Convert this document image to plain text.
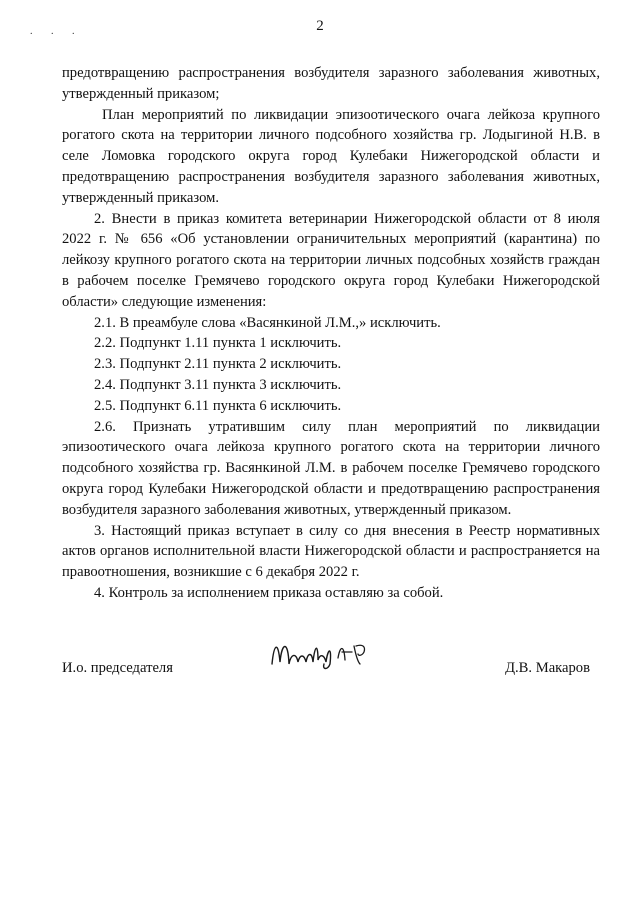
2
. . .

предотвращению распространения возбудителя заразного заболевания животных, утвержденный приказом;

План мероприятий по ликвидации эпизоотического очага лейкоза крупного рогатого скота на территории личного подсобного хозяйства гр. Лодыгиной Н.В. в селе Ломовка городского округа город Кулебаки Нижегородской области и предотвращению распространения возбудителя заразного заболевания животных, утвержденный приказом.

2. Внести в приказ комитета ветеринарии Нижегородской области от 8 июля 2022 г. № 656 «Об установлении ограничительных мероприятий (карантина) по лейкозу крупного рогатого скота на территории личных подсобных хозяйств граждан в рабочем поселке Гремячево городского округа город Кулебаки Нижегородской области» следующие изменения:

2.1. В преамбуле слова «Васянкиной Л.М.,» исключить.

2.2. Подпункт 1.11 пункта 1 исключить.

2.3. Подпункт 2.11 пункта 2 исключить.

2.4. Подпункт 3.11 пункта 3 исключить.

2.5. Подпункт 6.11 пункта 6 исключить.

2.6. Признать утратившим силу план мероприятий по ликвидации эпизоотического очага лейкоза крупного рогатого скота на территории личного подсобного хозяйства гр. Васянкиной Л.М. в рабочем поселке Гремячево городского округа город Кулебаки Нижегородской области и предотвращению распространения возбудителя заразного заболевания животных, утвержденный приказом.

3. Настоящий приказ вступает в силу со дня внесения в Реестр нормативных актов органов исполнительной власти Нижегородской области и распространяется на правоотношения, возникшие с 6 декабря 2022 г.

4. Контроль за исполнением приказа оставляю за собой.

И.о. председателя	Д.В. Макаров
